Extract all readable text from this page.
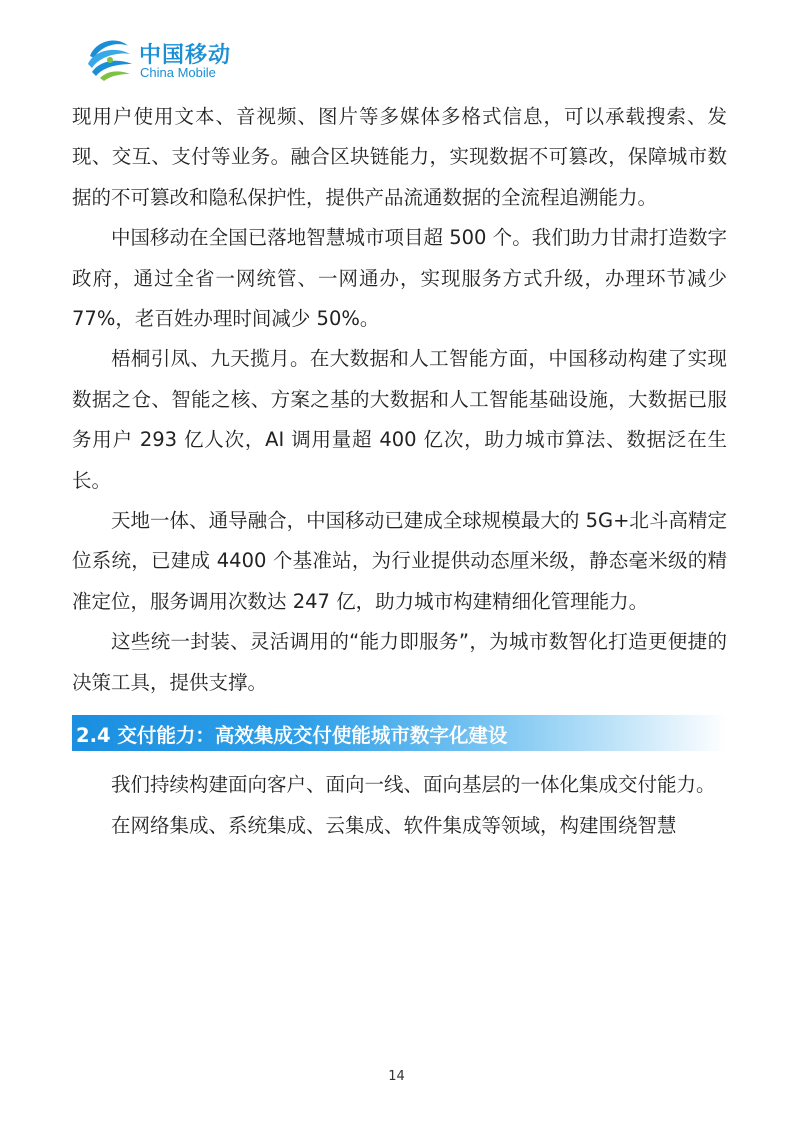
中国移动
China Mobile

现用户使用文本、音视频、图片等多媒体多格式信息，可以承载搜索、发现、交互、支付等业务。融合区块链能力，实现数据不可篡改，保障城市数据的不可篡改和隐私保护性，提供产品流通数据的全流程追溯能力。

中国移动在全国已落地智慧城市项目超 500 个。我们助力甘肃打造数字政府，通过全省一网统管、一网通办，实现服务方式升级，办理环节减少 77%，老百姓办理时间减少 50%。

梧桐引凤、九天揽月。在大数据和人工智能方面，中国移动构建了实现数据之仓、智能之核、方案之基的大数据和人工智能基础设施，大数据已服务用户 293 亿人次，AI 调用量超 400 亿次，助力城市算法、数据泛在生长。

天地一体、通导融合，中国移动已建成全球规模最大的 5G+北斗高精定位系统，已建成 4400 个基准站，为行业提供动态厘米级，静态毫米级的精准定位，服务调用次数达 247 亿，助力城市构建精细化管理能力。

这些统一封装、灵活调用的“能力即服务”，为城市数智化打造更便捷的决策工具，提供支撑。

2.4 交付能力：高效集成交付使能城市数字化建设

我们持续构建面向客户、面向一线、面向基层的一体化集成交付能力。

在网络集成、系统集成、云集成、软件集成等领域，构建围绕智慧

14
